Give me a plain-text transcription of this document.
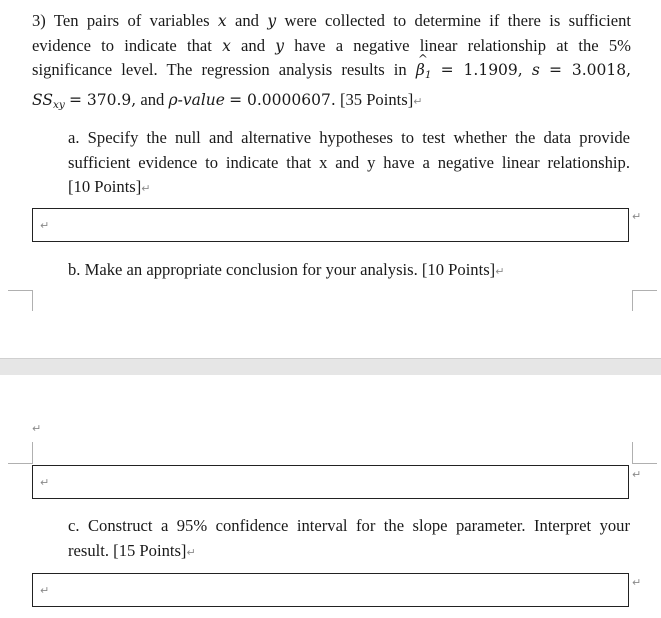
3) Ten pairs of variables x and y were collected to determine if there is sufficient
evidence to indicate that x and y have a negative linear relationship at the 5%
significance level. The regression analysis results in ^ $\beta_1 = 1.1909$, s = 3.0018,
$SS_{xy} = 370.9$, and ρ-value = 0.0000607. [35 Points]↵
a. Specify the null and alternative hypotheses to test whether the data provide
sufficient evidence to indicate that x and y have a negative linear relationship.
[10 Points]↵
↵
↵
b. Make an appropriate conclusion for your analysis. [10 Points]↵
↵
↵
↵
c. Construct a 95% confidence interval for the slope parameter. Interpret your
result. [15 Points]↵
↵
↵
